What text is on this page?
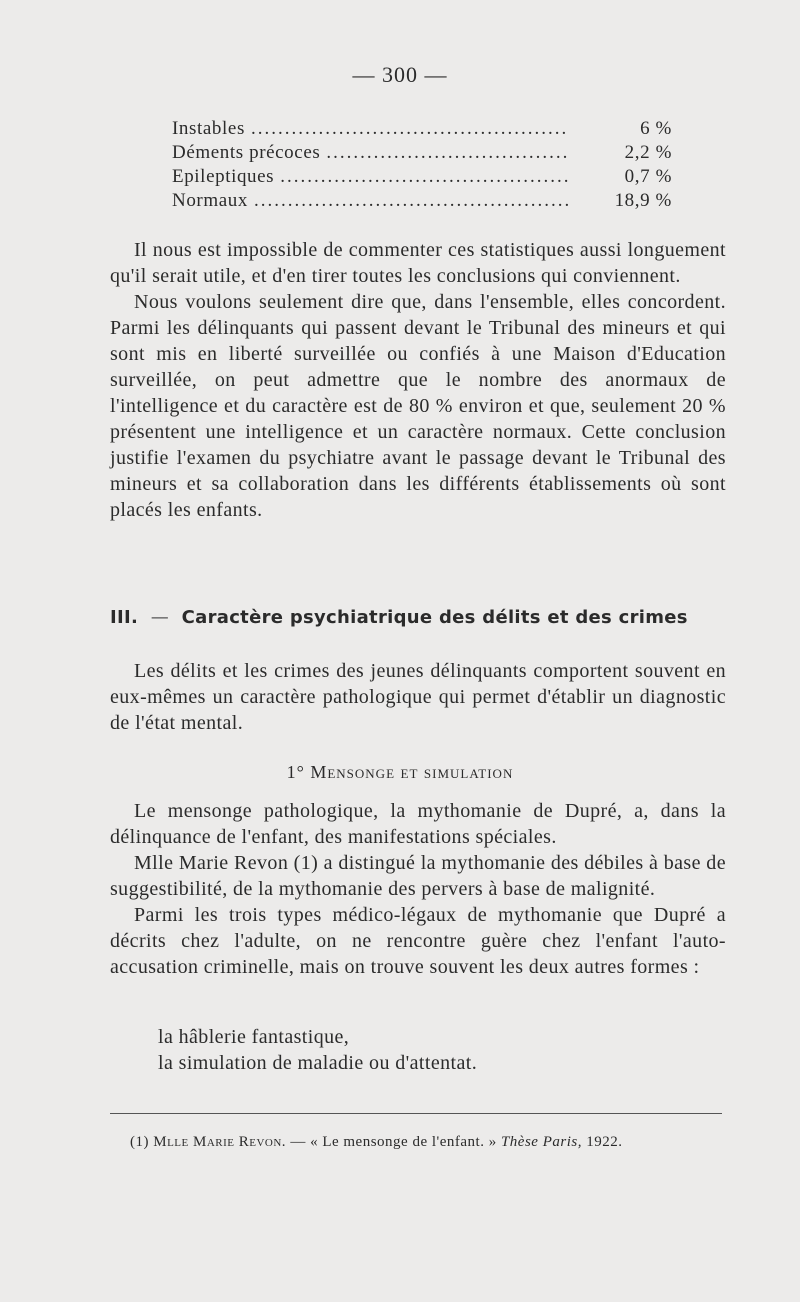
— 300 —
Instables .....	6 %
Déments précoces .....	2,2 %
Epileptiques .....	0,7 %
Normaux .....	18,9 %

Il nous est impossible de commenter ces statistiques aussi longuement qu'il serait utile, et d'en tirer toutes les conclusions qui conviennent.

Nous voulons seulement dire que, dans l'ensemble, elles concordent. Parmi les délinquants qui passent devant le Tribunal des mineurs et qui sont mis en liberté surveillée ou confiés à une Maison d'Education surveillée, on peut admettre que le nombre des anormaux de l'intelligence et du caractère est de 80 % environ et que, seulement 20 % présentent une intelligence et un caractère normaux. Cette conclusion justifie l'examen du psychiatre avant le passage devant le Tribunal des mineurs et sa collaboration dans les différents établissements où sont placés les enfants.

III. — Caractère psychiatrique des délits et des crimes

Les délits et les crimes des jeunes délinquants comportent souvent en eux-mêmes un caractère pathologique qui permet d'établir un diagnostic de l'état mental.

1° Mensonge et simulation

Le mensonge pathologique, la mythomanie de Dupré, a, dans la délinquance de l'enfant, des manifestations spéciales.

Mlle Marie Revon (1) a distingué la mythomanie des débiles à base de suggestibilité, de la mythomanie des pervers à base de malignité.

Parmi les trois types médico-légaux de mythomanie que Dupré a décrits chez l'adulte, on ne rencontre guère chez l'enfant l'auto-accusation criminelle, mais on trouve souvent les deux autres formes :

la hâblerie fantastique,
la simulation de maladie ou d'attentat.
(1) Mlle Marie Revon. — « Le mensonge de l'enfant. » Thèse Paris, 1922.
